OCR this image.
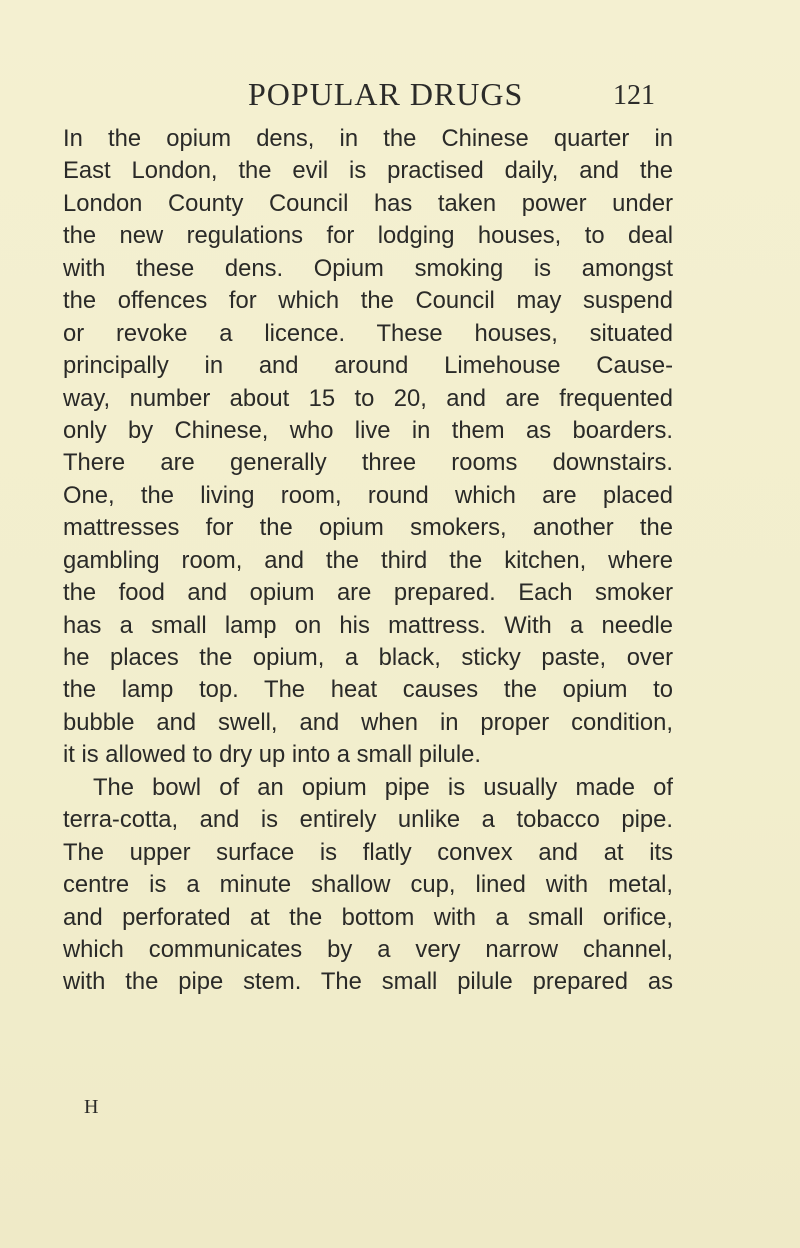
POPULAR DRUGS	121
In the opium dens, in the Chinese quarter in
East London, the evil is practised daily, and the
London County Council has taken power under
the new regulations for lodging houses, to deal
with these dens. Opium smoking is amongst
the offences for which the Council may suspend
or revoke a licence. These houses, situated
principally in and around Limehouse Cause-
way, number about 15 to 20, and are frequented
only by Chinese, who live in them as boarders.
There are generally three rooms downstairs.
One, the living room, round which are placed
mattresses for the opium smokers, another the
gambling room, and the third the kitchen, where
the food and opium are prepared. Each smoker
has a small lamp on his mattress. With a needle
he places the opium, a black, sticky paste, over
the lamp top. The heat causes the opium to
bubble and swell, and when in proper condition,
it is allowed to dry up into a small pilule.
The bowl of an opium pipe is usually made of
terra-cotta, and is entirely unlike a tobacco pipe.
The upper surface is flatly convex and at its
centre is a minute shallow cup, lined with metal,
and perforated at the bottom with a small orifice,
which communicates by a very narrow channel,
with the pipe stem. The small pilule prepared as
H
